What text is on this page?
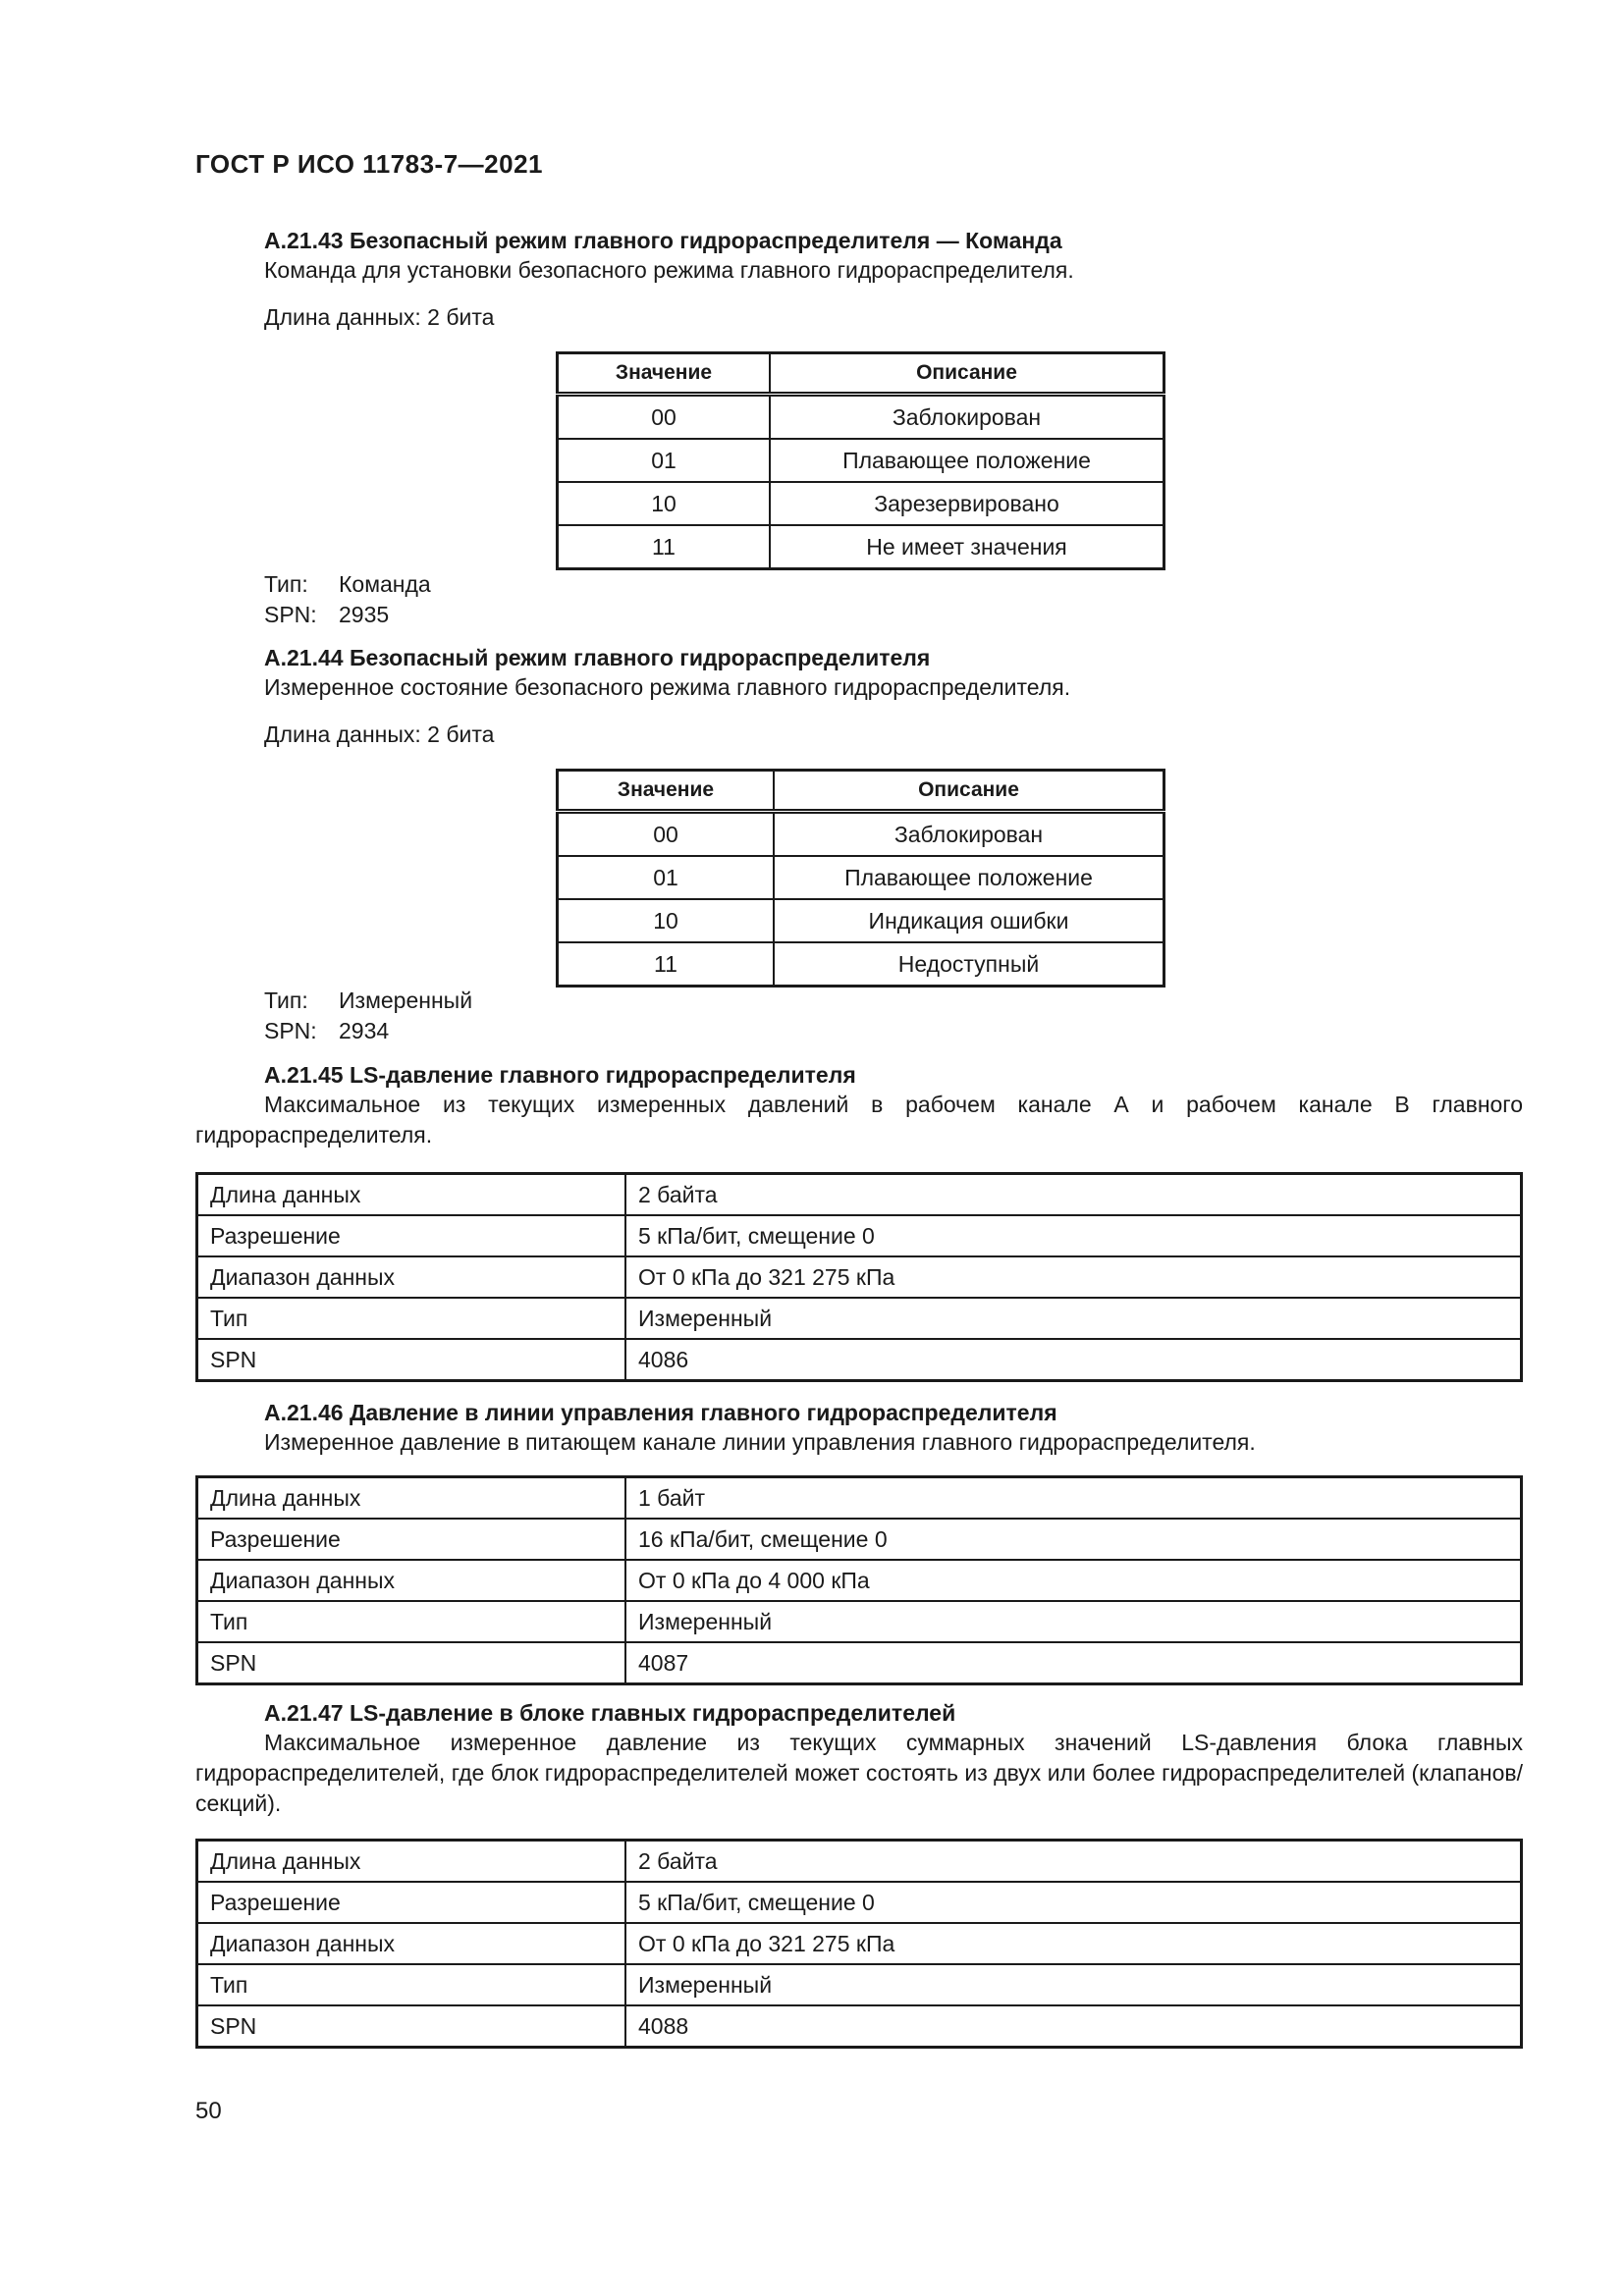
ГОСТ Р ИСО 11783-7—2021
А.21.43 Безопасный режим главного гидрораспределителя — Команда
Команда для установки безопасного режима главного гидрораспределителя.
Длина данных: 2 бита
Значение	Описание
00	Заблокирован
01	Плавающее положение
10	Зарезервировано
11	Не имеет значения
Тип: Команда
SPN: 2935
А.21.44 Безопасный режим главного гидрораспределителя
Измеренное состояние безопасного режима главного гидрораспределителя.
Длина данных: 2 бита
Значение	Описание
00	Заблокирован
01	Плавающее положение
10	Индикация ошибки
11	Недоступный
Тип: Измеренный
SPN: 2934
А.21.45 LS-давление главного гидрораспределителя

Максимальное из текущих измеренных давлений в рабочем канале А и рабочем канале В главного гидрораспределителя.

Длина данных	2 байта
Разрешение	5 кПа/бит, смещение 0
Диапазон данных	От 0 кПа до 321 275 кПа
Тип	Измеренный
SPN	4086
А.21.46 Давление в линии управления главного гидрораспределителя
Измеренное давление в питающем канале линии управления главного гидрораспределителя.
Длина данных	1 байт
Разрешение	16 кПа/бит, смещение 0
Диапазон данных	От 0 кПа до 4 000 кПа
Тип	Измеренный
SPN	4087
А.21.47 LS-давление в блоке главных гидрораспределителей

Максимальное измеренное давление из текущих суммарных значений LS-давления блока главных гидрораспределителей, где блок гидрораспределителей может состоять из двух или более гидрораспределителей (клапанов/секций).

Длина данных	2 байта
Разрешение	5 кПа/бит, смещение 0
Диапазон данных	От 0 кПа до 321 275 кПа
Тип	Измеренный
SPN	4088
50
